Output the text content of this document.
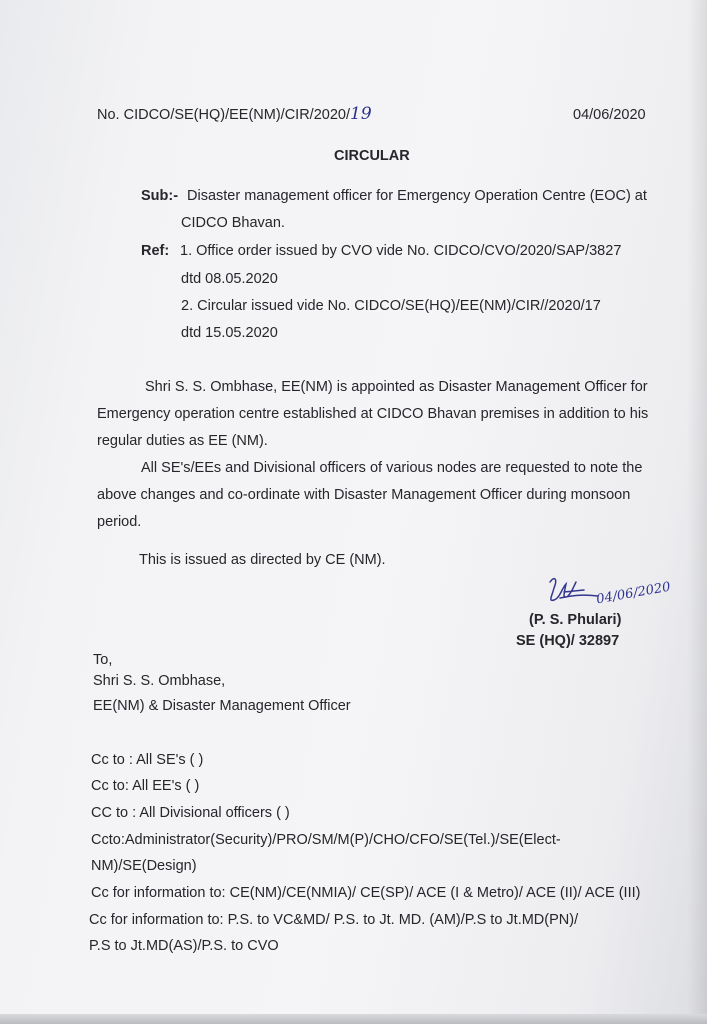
No. CIDCO/SE(HQ)/EE(NM)/CIR/2020/19	04/06/2020
CIRCULAR
Sub:- Disaster management officer for Emergency Operation Centre (EOC) at
CIDCO Bhavan.
Ref: 1. Office order issued by CVO vide No. CIDCO/CVO/2020/SAP/3827
dtd 08.05.2020
2. Circular issued vide No. CIDCO/SE(HQ)/EE(NM)/CIR//2020/17
dtd 15.05.2020
Shri S. S. Ombhase, EE(NM) is appointed as Disaster Management Officer for
Emergency operation centre established at CIDCO Bhavan premises in addition to his
regular duties as EE (NM).
All SE's/EEs and Divisional officers of various nodes are requested to note the
above changes and co-ordinate with Disaster Management Officer during monsoon
period.
This is issued as directed by CE (NM).
04/06/2020
(P. S. Phulari)
SE (HQ)/ 32897
To,
Shri S. S. Ombhase,
EE(NM) & Disaster Management Officer
Cc to : All SE's ( )
Cc to: All EE's ( )
CC to : All Divisional officers ( )
Ccto:Administrator(Security)/PRO/SM/M(P)/CHO/CFO/SE(Tel.)/SE(Elect-
NM)/SE(Design)
Cc for information to: CE(NM)/CE(NMIA)/ CE(SP)/ ACE (I & Metro)/ ACE (II)/ ACE (III)
Cc for information to: P.S. to VC&MD/ P.S. to Jt. MD. (AM)/P.S to Jt.MD(PN)/
P.S to Jt.MD(AS)/P.S. to CVO
